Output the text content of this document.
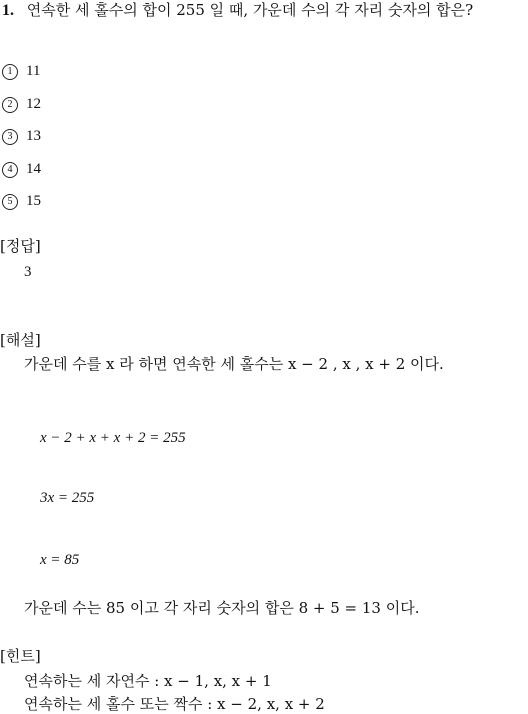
1. 연속한 세 홀수의 합이 255 일 때, 가운데 수의 각 자리 숫자의 합은?
1 11
2 12
3 13
4 14
5 15
[정답]
3
[해설]
가운데 수를 x 라 하면 연속한 세 홀수는 x − 2 , x , x + 2 이다.
x − 2 + x + x + 2 = 255
3x = 255
x = 85
가운데 수는 85 이고 각 자리 숫자의 합은 8 + 5 = 13 이다.
[힌트]
연속하는 세 자연수 : x − 1, x, x + 1
연속하는 세 홀수 또는 짝수 : x − 2, x, x + 2
